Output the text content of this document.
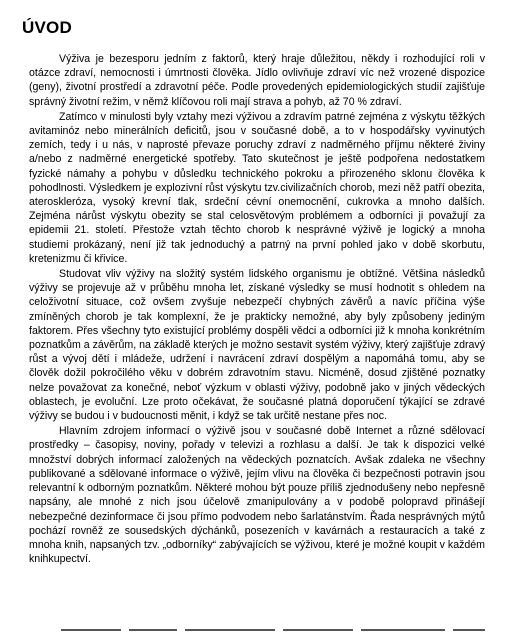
ÚVOD

Výživa je bezesporu jedním z faktorů, který hraje důležitou, někdy i rozhodující roli v otázce zdraví, nemocnosti i úmrtnosti člověka. Jídlo ovlivňuje zdraví víc než vrozené dispozice (geny), životní prostředí a zdravotní péče. Podle provedených epidemiologických studií zajišťuje správný životní režim, v němž klíčovou roli mají strava a pohyb, až 70 % zdraví.

Zatímco v minulosti byly vztahy mezi výživou a zdravím patrné zejména z výskytu těžkých avitaminóz nebo minerálních deficitů, jsou v současné době, a to v hospodářsky vyvinutých zemích, tedy i u nás, v naprosté převaze poruchy zdraví z nadměrného příjmu některé živiny a/nebo z nadměrné energetické spotřeby. Tato skutečnost je ještě podpořena nedostatkem fyzické námahy a pohybu v důsledku technického pokroku a přirozeného sklonu člověka k pohodlnosti. Výsledkem je explozivní růst výskytu tzv.civilizačních chorob, mezi něž patří obezita, ateroskleróza, vysoký krevní tlak, srdeční cévní onemocnění, cukrovka a mnoho dalších. Zejména nárůst výskytu obezity se stal celosvětovým problémem a odborníci ji považují za epidemii 21. století. Přestože vztah těchto chorob k nesprávné výživě je logický a mnoha studiemi prokázaný, není již tak jednoduchý a patrný na první pohled jako v době skorbutu, kretenizmu či křivice.

Studovat vliv výživy na složitý systém lidského organismu je obtížné. Většina následků výživy se projevuje až v průběhu mnoha let, získané výsledky se musí hodnotit s ohledem na celoživotní situace, což ovšem zvyšuje nebezpečí chybných závěrů a navíc příčina výše zmíněných chorob je tak komplexní, že je prakticky nemožné, aby byly způsobeny jediným faktorem. Přes všechny tyto existující problémy dospěli vědci a odborníci již k mnoha konkrétním poznatkům a závěrům, na základě kterých je možno sestavit systém výživy, který zajišťuje zdravý růst a vývoj dětí i mládeže, udržení i navrácení zdraví dospělým a napomáhá tomu, aby se člověk dožil pokročilého věku v dobrém zdravotním stavu. Nicméně, dosud zjištěné poznatky nelze považovat za konečné, neboť výzkum v oblasti výživy, podobně jako v jiných vědeckých oblastech, je evoluční. Lze proto očekávat, že současné platná doporučení týkající se zdravé výživy se budou i v budoucnosti měnit, i když se tak určitě nestane přes noc.

Hlavním zdrojem informací o výživě jsou v současné době Internet a různé sdělovací prostředky – časopisy, noviny, pořady v televizi a rozhlasu a další. Je tak k dispozici velké množství dobrých informací založených na vědeckých poznatcích. Avšak zdaleka ne všechny publikované a sdělované informace o výživě, jejím vlivu na člověka či bezpečnosti potravin jsou relevantní k odborným poznatkům. Některé mohou být pouze příliš zjednodušeny nebo nepřesně napsány, ale mnohé z nich jsou účelově zmanipulovány a v podobě polopravd přinášejí nebezpečné dezinformace či jsou přímo podvodem nebo šarlatánstvím. Řada nesprávných mýtů pochází rovněž ze sousedských dýchánků, posezeních v kavárnách a restauracích a také z mnoha knih, napsaných tzv. „odborníky“ zabývajících se výživou, které je možné koupit v každém knihkupectví.
